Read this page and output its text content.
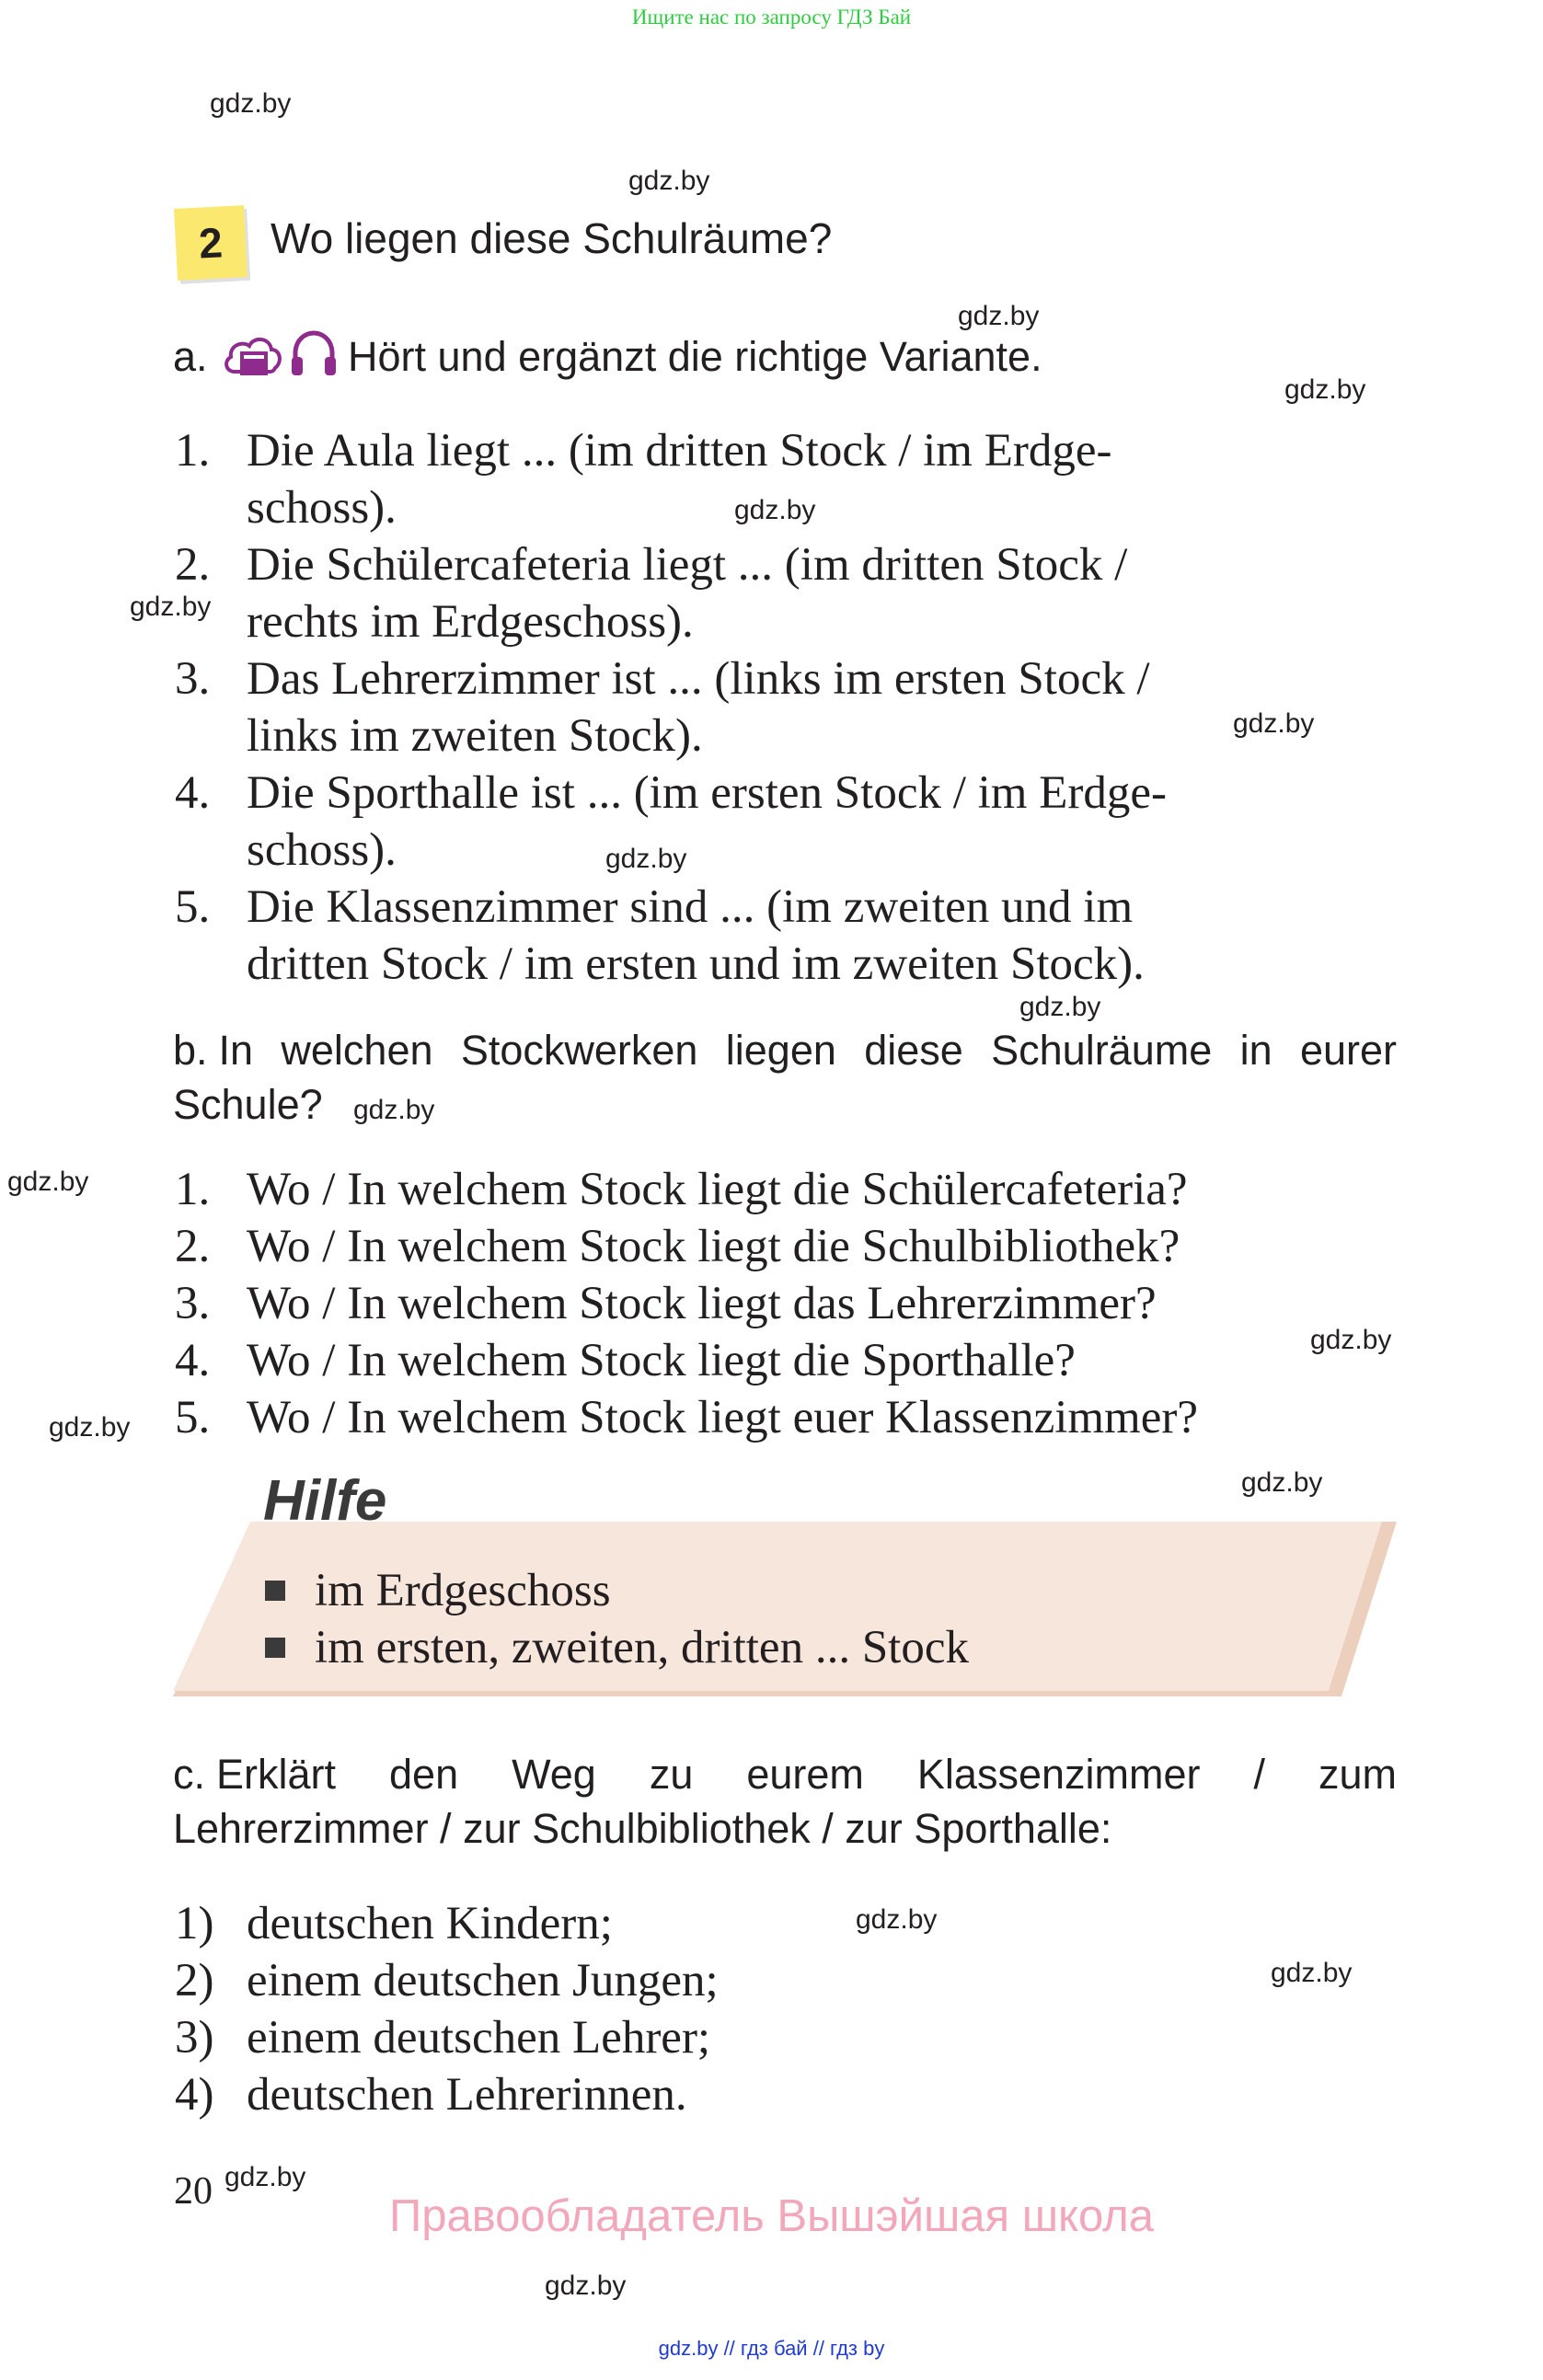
Ищите нас по запросу ГДЗ Бай
gdz.by
gdz.by
gdz.by
gdz.by
gdz.by
gdz.by
gdz.by
gdz.by
gdz.by
gdz.by
gdz.by
gdz.by
gdz.by
gdz.by
gdz.by
gdz.by
gdz.by
gdz.by
2	Wo liegen diese Schulräume?
a.	Hört und ergänzt die richtige Variante.
1. Die Aula liegt ... (im dritten Stock / im Erdge-
schoss).
2. Die Schülercafeteria liegt ... (im dritten Stock /
rechts im Erdgeschoss).
3. Das Lehrerzimmer ist ... (links im ersten Stock /
links im zweiten Stock).
4. Die Sporthalle ist ... (im ersten Stock / im Erdge-
schoss).
5. Die Klassenzimmer sind ... (im zweiten und im
dritten Stock / im ersten und im zweiten Stock).
b. In welchen Stockwerken liegen diese Schulräume in eurer
Schule?
1. Wo / In welchem Stock liegt die Schülercafeteria?
2. Wo / In welchem Stock liegt die Schulbibliothek?
3. Wo / In welchem Stock liegt das Lehrerzimmer?
4. Wo / In welchem Stock liegt die Sporthalle?
5. Wo / In welchem Stock liegt euer Klassenzimmer?
Hilfe
im Erdgeschoss
im ersten, zweiten, dritten ... Stock
c. Erklärt den Weg zu eurem Klassenzimmer / zum
Lehrerzimmer / zur Schulbibliothek / zur Sporthalle:
1) deutschen Kindern;
2) einem deutschen Jungen;
3) einem deutschen Lehrer;
4) deutschen Lehrerinnen.
20	Правообладатель Вышэйшая школа
gdz.by // гдз бай // гдз by
